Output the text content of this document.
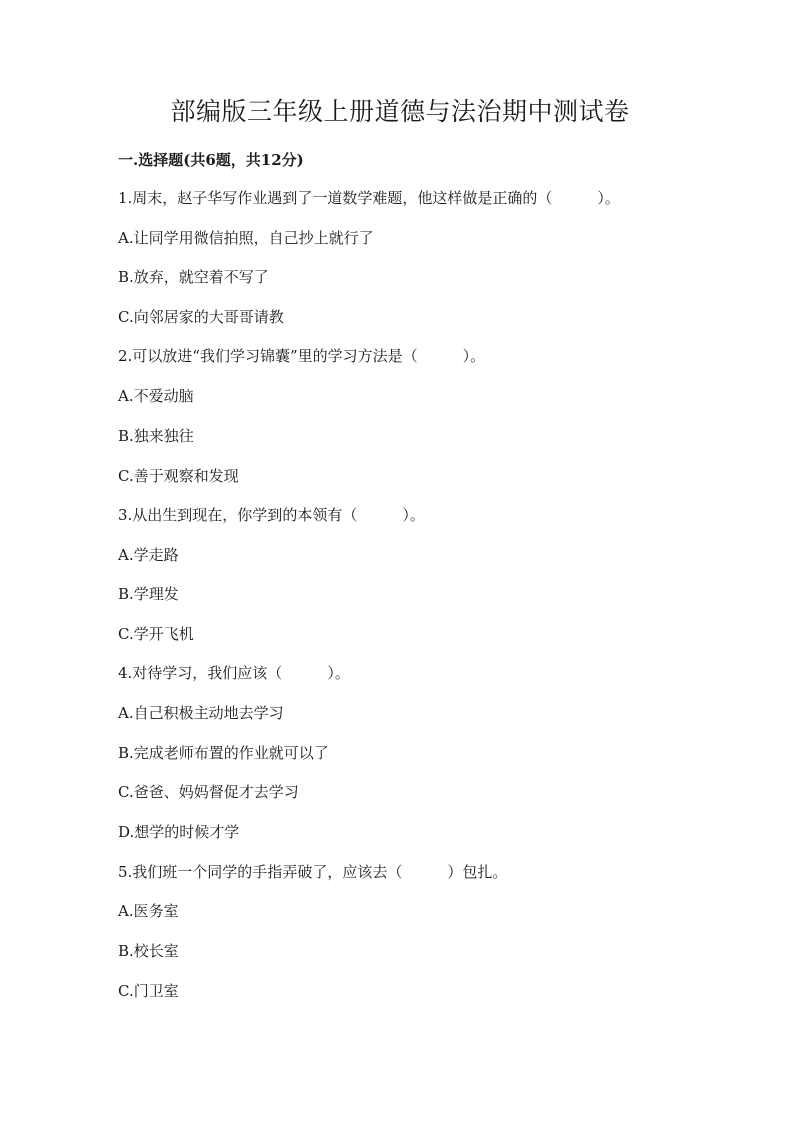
部编版三年级上册道德与法治期中测试卷

一.选择题(共6题，共12分)

1.周末，赵子华写作业遇到了一道数学难题，他这样做是正确的（　　　）。

A.让同学用微信拍照，自己抄上就行了

B.放弃，就空着不写了

C.向邻居家的大哥哥请教

2.可以放进“我们学习锦囊”里的学习方法是（　　　）。

A.不爱动脑

B.独来独往

C.善于观察和发现

3.从出生到现在，你学到的本领有（　　　）。

A.学走路

B.学理发

C.学开飞机

4.对待学习，我们应该（　　　）。

A.自己积极主动地去学习

B.完成老师布置的作业就可以了

C.爸爸、妈妈督促才去学习

D.想学的时候才学

5.我们班一个同学的手指弄破了，应该去（　　　）包扎。

A.医务室

B.校长室

C.门卫室
